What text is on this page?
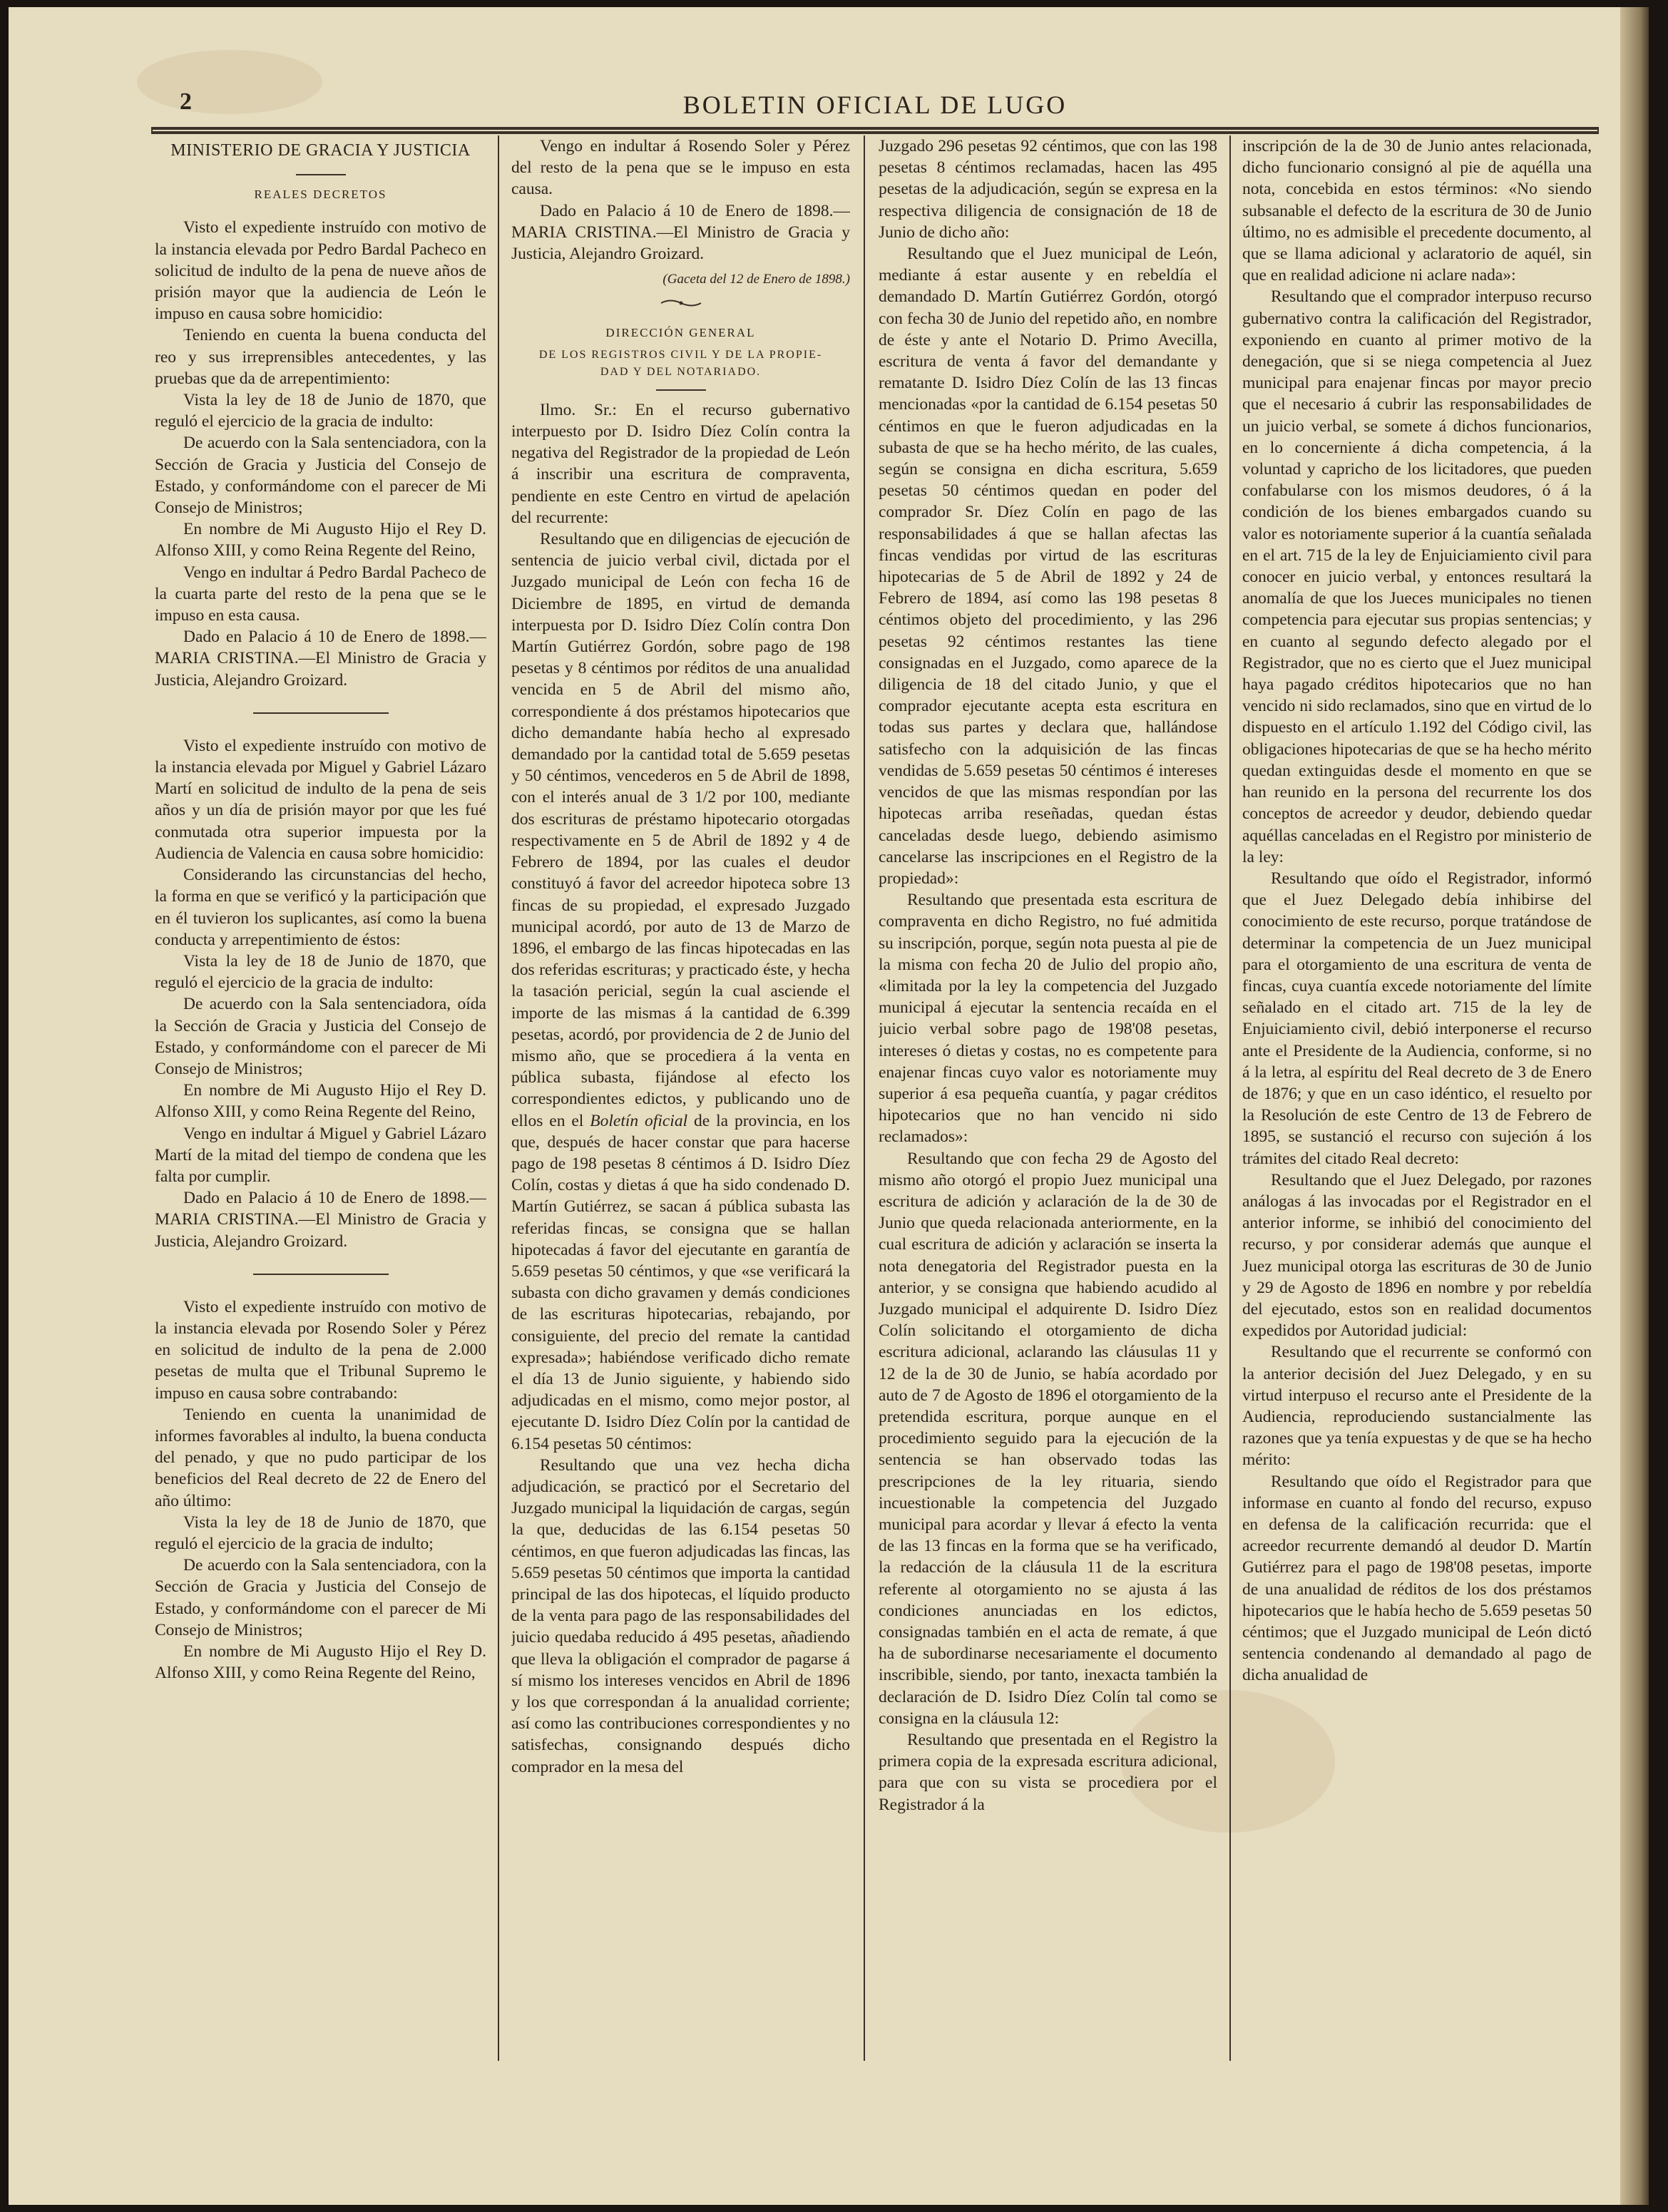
2	BOLETIN OFICIAL DE LUGO
MINISTERIO DE GRACIA Y JUSTICIA
REALES DECRETOS

Visto el expediente instruído con motivo de la instancia elevada por Pedro Bardal Pacheco en solicitud de indulto de la pena de nueve años de prisión mayor que la audiencia de León le impuso en causa sobre homicidio:

Teniendo en cuenta la buena conducta del reo y sus irreprensibles antecedentes, y las pruebas que da de arrepentimiento:

Vista la ley de 18 de Junio de 1870, que reguló el ejercicio de la gracia de indulto:

De acuerdo con la Sala sentenciadora, con la Sección de Gracia y Justicia del Consejo de Estado, y conformándome con el parecer de Mi Consejo de Ministros;

En nombre de Mi Augusto Hijo el Rey D. Alfonso XIII, y como Reina Regente del Reino,

Vengo en indultar á Pedro Bardal Pacheco de la cuarta parte del resto de la pena que se le impuso en esta causa.

Dado en Palacio á 10 de Enero de 1898.—MARIA CRISTINA.—El Ministro de Gracia y Justicia, Alejandro Groizard.

Visto el expediente instruído con motivo de la instancia elevada por Miguel y Gabriel Lázaro Martí en solicitud de indulto de la pena de seis años y un día de prisión mayor por que les fué conmutada otra superior impuesta por la Audiencia de Valencia en causa sobre homicidio:

Considerando las circunstancias del hecho, la forma en que se verificó y la participación que en él tuvieron los suplicantes, así como la buena conducta y arrepentimiento de éstos:

Vista la ley de 18 de Junio de 1870, que reguló el ejercicio de la gracia de indulto:

De acuerdo con la Sala sentenciadora, oída la Sección de Gracia y Justicia del Consejo de Estado, y conformándome con el parecer de Mi Consejo de Ministros;

En nombre de Mi Augusto Hijo el Rey D. Alfonso XIII, y como Reina Regente del Reino,

Vengo en indultar á Miguel y Gabriel Lázaro Martí de la mitad del tiempo de condena que les falta por cumplir.

Dado en Palacio á 10 de Enero de 1898.—MARIA CRISTINA.—El Ministro de Gracia y Justicia, Alejandro Groizard.

Visto el expediente instruído con motivo de la instancia elevada por Rosendo Soler y Pérez en solicitud de indulto de la pena de 2.000 pesetas de multa que el Tribunal Supremo le impuso en causa sobre contrabando:

Teniendo en cuenta la unanimidad de informes favorables al indulto, la buena conducta del penado, y que no pudo participar de los beneficios del Real decreto de 22 de Enero del año último:

Vista la ley de 18 de Junio de 1870, que reguló el ejercicio de la gracia de indulto;

De acuerdo con la Sala sentenciadora, con la Sección de Gracia y Justicia del Consejo de Estado, y conformándome con el parecer de Mi Consejo de Ministros;

En nombre de Mi Augusto Hijo el Rey D. Alfonso XIII, y como Reina Regente del Reino,

Vengo en indultar á Rosendo Soler y Pérez del resto de la pena que se le impuso en esta causa.

Dado en Palacio á 10 de Enero de 1898.—MARIA CRISTINA.—El Ministro de Gracia y Justicia, Alejandro Groizard.

(Gaceta del 12 de Enero de 1898.)
DIRECCIÓN GENERAL
DE LOS REGISTROS CIVIL Y DE LA PROPIE-
DAD Y DEL NOTARIADO.

Ilmo. Sr.: En el recurso gubernativo interpuesto por D. Isidro Díez Colín contra la negativa del Registrador de la propiedad de León á inscribir una escritura de compraventa, pendiente en este Centro en virtud de apelación del recurrente:

Resultando que en diligencias de ejecución de sentencia de juicio verbal civil, dictada por el Juzgado municipal de León con fecha 16 de Diciembre de 1895, en virtud de demanda interpuesta por D. Isidro Díez Colín contra Don Martín Gutiérrez Gordón, sobre pago de 198 pesetas y 8 céntimos por réditos de una anualidad vencida en 5 de Abril del mismo año, correspondiente á dos préstamos hipotecarios que dicho demandante había hecho al expresado demandado por la cantidad total de 5.659 pesetas y 50 céntimos, vencederos en 5 de Abril de 1898, con el interés anual de 3 1/2 por 100, mediante dos escrituras de préstamo hipotecario otorgadas respectivamente en 5 de Abril de 1892 y 4 de Febrero de 1894, por las cuales el deudor constituyó á favor del acreedor hipoteca sobre 13 fincas de su propiedad, el expresado Juzgado municipal acordó, por auto de 13 de Marzo de 1896, el embargo de las fincas hipotecadas en las dos referidas escrituras; y practicado éste, y hecha la tasación pericial, según la cual asciende el importe de las mismas á la cantidad de 6.399 pesetas, acordó, por providencia de 2 de Junio del mismo año, que se procediera á la venta en pública subasta, fijándose al efecto los correspondientes edictos, y publicando uno de ellos en el Boletín oficial de la provincia, en los que, después de hacer constar que para hacerse pago de 198 pesetas 8 céntimos á D. Isidro Díez Colín, costas y dietas á que ha sido condenado D. Martín Gutiérrez, se sacan á pública subasta las referidas fincas, se consigna que se hallan hipotecadas á favor del ejecutante en garantía de 5.659 pesetas 50 céntimos, y que «se verificará la subasta con dicho gravamen y demás condiciones de las escrituras hipotecarias, rebajando, por consiguiente, del precio del remate la cantidad expresada»; habiéndose verificado dicho remate el día 13 de Junio siguiente, y habiendo sido adjudicadas en el mismo, como mejor postor, al ejecutante D. Isidro Díez Colín por la cantidad de 6.154 pesetas 50 céntimos:

Resultando que una vez hecha dicha adjudicación, se practicó por el Secretario del Juzgado municipal la liquidación de cargas, según la que, deducidas de las 6.154 pesetas 50 céntimos, en que fueron adjudicadas las fincas, las 5.659 pesetas 50 céntimos que importa la cantidad principal de las dos hipotecas, el líquido producto de la venta para pago de las responsabilidades del juicio quedaba reducido á 495 pesetas, añadiendo que lleva la obligación el comprador de pagarse á sí mismo los intereses vencidos en Abril de 1896 y los que correspondan á la anualidad corriente; así como las contribuciones correspondientes y no satisfechas, consignando después dicho comprador en la mesa del

Juzgado 296 pesetas 92 céntimos, que con las 198 pesetas 8 céntimos reclamadas, hacen las 495 pesetas de la adjudicación, según se expresa en la respectiva diligencia de consignación de 18 de Junio de dicho año:

Resultando que el Juez municipal de León, mediante á estar ausente y en rebeldía el demandado D. Martín Gutiérrez Gordón, otorgó con fecha 30 de Junio del repetido año, en nombre de éste y ante el Notario D. Primo Avecilla, escritura de venta á favor del demandante y rematante D. Isidro Díez Colín de las 13 fincas mencionadas «por la cantidad de 6.154 pesetas 50 céntimos en que le fueron adjudicadas en la subasta de que se ha hecho mérito, de las cuales, según se consigna en dicha escritura, 5.659 pesetas 50 céntimos quedan en poder del comprador Sr. Díez Colín en pago de las responsabilidades á que se hallan afectas las fincas vendidas por virtud de las escrituras hipotecarias de 5 de Abril de 1892 y 24 de Febrero de 1894, así como las 198 pesetas 8 céntimos objeto del procedimiento, y las 296 pesetas 92 céntimos restantes las tiene consignadas en el Juzgado, como aparece de la diligencia de 18 del citado Junio, y que el comprador ejecutante acepta esta escritura en todas sus partes y declara que, hallándose satisfecho con la adquisición de las fincas vendidas de 5.659 pesetas 50 céntimos é intereses vencidos de que las mismas respondían por las hipotecas arriba reseñadas, quedan éstas canceladas desde luego, debiendo asimismo cancelarse las inscripciones en el Registro de la propiedad»:

Resultando que presentada esta escritura de compraventa en dicho Registro, no fué admitida su inscripción, porque, según nota puesta al pie de la misma con fecha 20 de Julio del propio año, «limitada por la ley la competencia del Juzgado municipal á ejecutar la sentencia recaída en el juicio verbal sobre pago de 198'08 pesetas, intereses ó dietas y costas, no es competente para enajenar fincas cuyo valor es notoriamente muy superior á esa pequeña cuantía, y pagar créditos hipotecarios que no han vencido ni sido reclamados»:

Resultando que con fecha 29 de Agosto del mismo año otorgó el propio Juez municipal una escritura de adición y aclaración de la de 30 de Junio que queda relacionada anteriormente, en la cual escritura de adición y aclaración se inserta la nota denegatoria del Registrador puesta en la anterior, y se consigna que habiendo acudido al Juzgado municipal el adquirente D. Isidro Díez Colín solicitando el otorgamiento de dicha escritura adicional, aclarando las cláusulas 11 y 12 de la de 30 de Junio, se había acordado por auto de 7 de Agosto de 1896 el otorgamiento de la pretendida escritura, porque aunque en el procedimiento seguido para la ejecución de la sentencia se han observado todas las prescripciones de la ley rituaria, siendo incuestionable la competencia del Juzgado municipal para acordar y llevar á efecto la venta de las 13 fincas en la forma que se ha verificado, la redacción de la cláusula 11 de la escritura referente al otorgamiento no se ajusta á las condiciones anunciadas en los edictos, consignadas también en el acta de remate, á que ha de subordinarse necesariamente el documento inscribible, siendo, por tanto, inexacta también la declaración de D. Isidro Díez Colín tal como se consigna en la cláusula 12:

Resultando que presentada en el Registro la primera copia de la expresada escritura adicional, para que con su vista se procediera por el Registrador á la

inscripción de la de 30 de Junio antes relacionada, dicho funcionario consignó al pie de aquélla una nota, concebida en estos términos: «No siendo subsanable el defecto de la escritura de 30 de Junio último, no es admisible el precedente documento, al que se llama adicional y aclaratorio de aquél, sin que en realidad adicione ni aclare nada»:

Resultando que el comprador interpuso recurso gubernativo contra la calificación del Registrador, exponiendo en cuanto al primer motivo de la denegación, que si se niega competencia al Juez municipal para enajenar fincas por mayor precio que el necesario á cubrir las responsabilidades de un juicio verbal, se somete á dichos funcionarios, en lo concerniente á dicha competencia, á la voluntad y capricho de los licitadores, que pueden confabularse con los mismos deudores, ó á la condición de los bienes embargados cuando su valor es notoriamente superior á la cuantía señalada en el art. 715 de la ley de Enjuiciamiento civil para conocer en juicio verbal, y entonces resultará la anomalía de que los Jueces municipales no tienen competencia para ejecutar sus propias sentencias; y en cuanto al segundo defecto alegado por el Registrador, que no es cierto que el Juez municipal haya pagado créditos hipotecarios que no han vencido ni sido reclamados, sino que en virtud de lo dispuesto en el artículo 1.192 del Código civil, las obligaciones hipotecarias de que se ha hecho mérito quedan extinguidas desde el momento en que se han reunido en la persona del recurrente los dos conceptos de acreedor y deudor, debiendo quedar aquéllas canceladas en el Registro por ministerio de la ley:

Resultando que oído el Registrador, informó que el Juez Delegado debía inhibirse del conocimiento de este recurso, porque tratándose de determinar la competencia de un Juez municipal para el otorgamiento de una escritura de venta de fincas, cuya cuantía excede notoriamente del límite señalado en el citado art. 715 de la ley de Enjuiciamiento civil, debió interponerse el recurso ante el Presidente de la Audiencia, conforme, si no á la letra, al espíritu del Real decreto de 3 de Enero de 1876; y que en un caso idéntico, el resuelto por la Resolución de este Centro de 13 de Febrero de 1895, se sustanció el recurso con sujeción á los trámites del citado Real decreto:

Resultando que el Juez Delegado, por razones análogas á las invocadas por el Registrador en el anterior informe, se inhibió del conocimiento del recurso, y por considerar además que aunque el Juez municipal otorga las escrituras de 30 de Junio y 29 de Agosto de 1896 en nombre y por rebeldía del ejecutado, estos son en realidad documentos expedidos por Autoridad judicial:

Resultando que el recurrente se conformó con la anterior decisión del Juez Delegado, y en su virtud interpuso el recurso ante el Presidente de la Audiencia, reproduciendo sustancialmente las razones que ya tenía expuestas y de que se ha hecho mérito:

Resultando que oído el Registrador para que informase en cuanto al fondo del recurso, expuso en defensa de la calificación recurrida: que el acreedor recurrente demandó al deudor D. Martín Gutiérrez para el pago de 198'08 pesetas, importe de una anualidad de réditos de los dos préstamos hipotecarios que le había hecho de 5.659 pesetas 50 céntimos; que el Juzgado municipal de León dictó sentencia condenando al demandado al pago de dicha anualidad de
